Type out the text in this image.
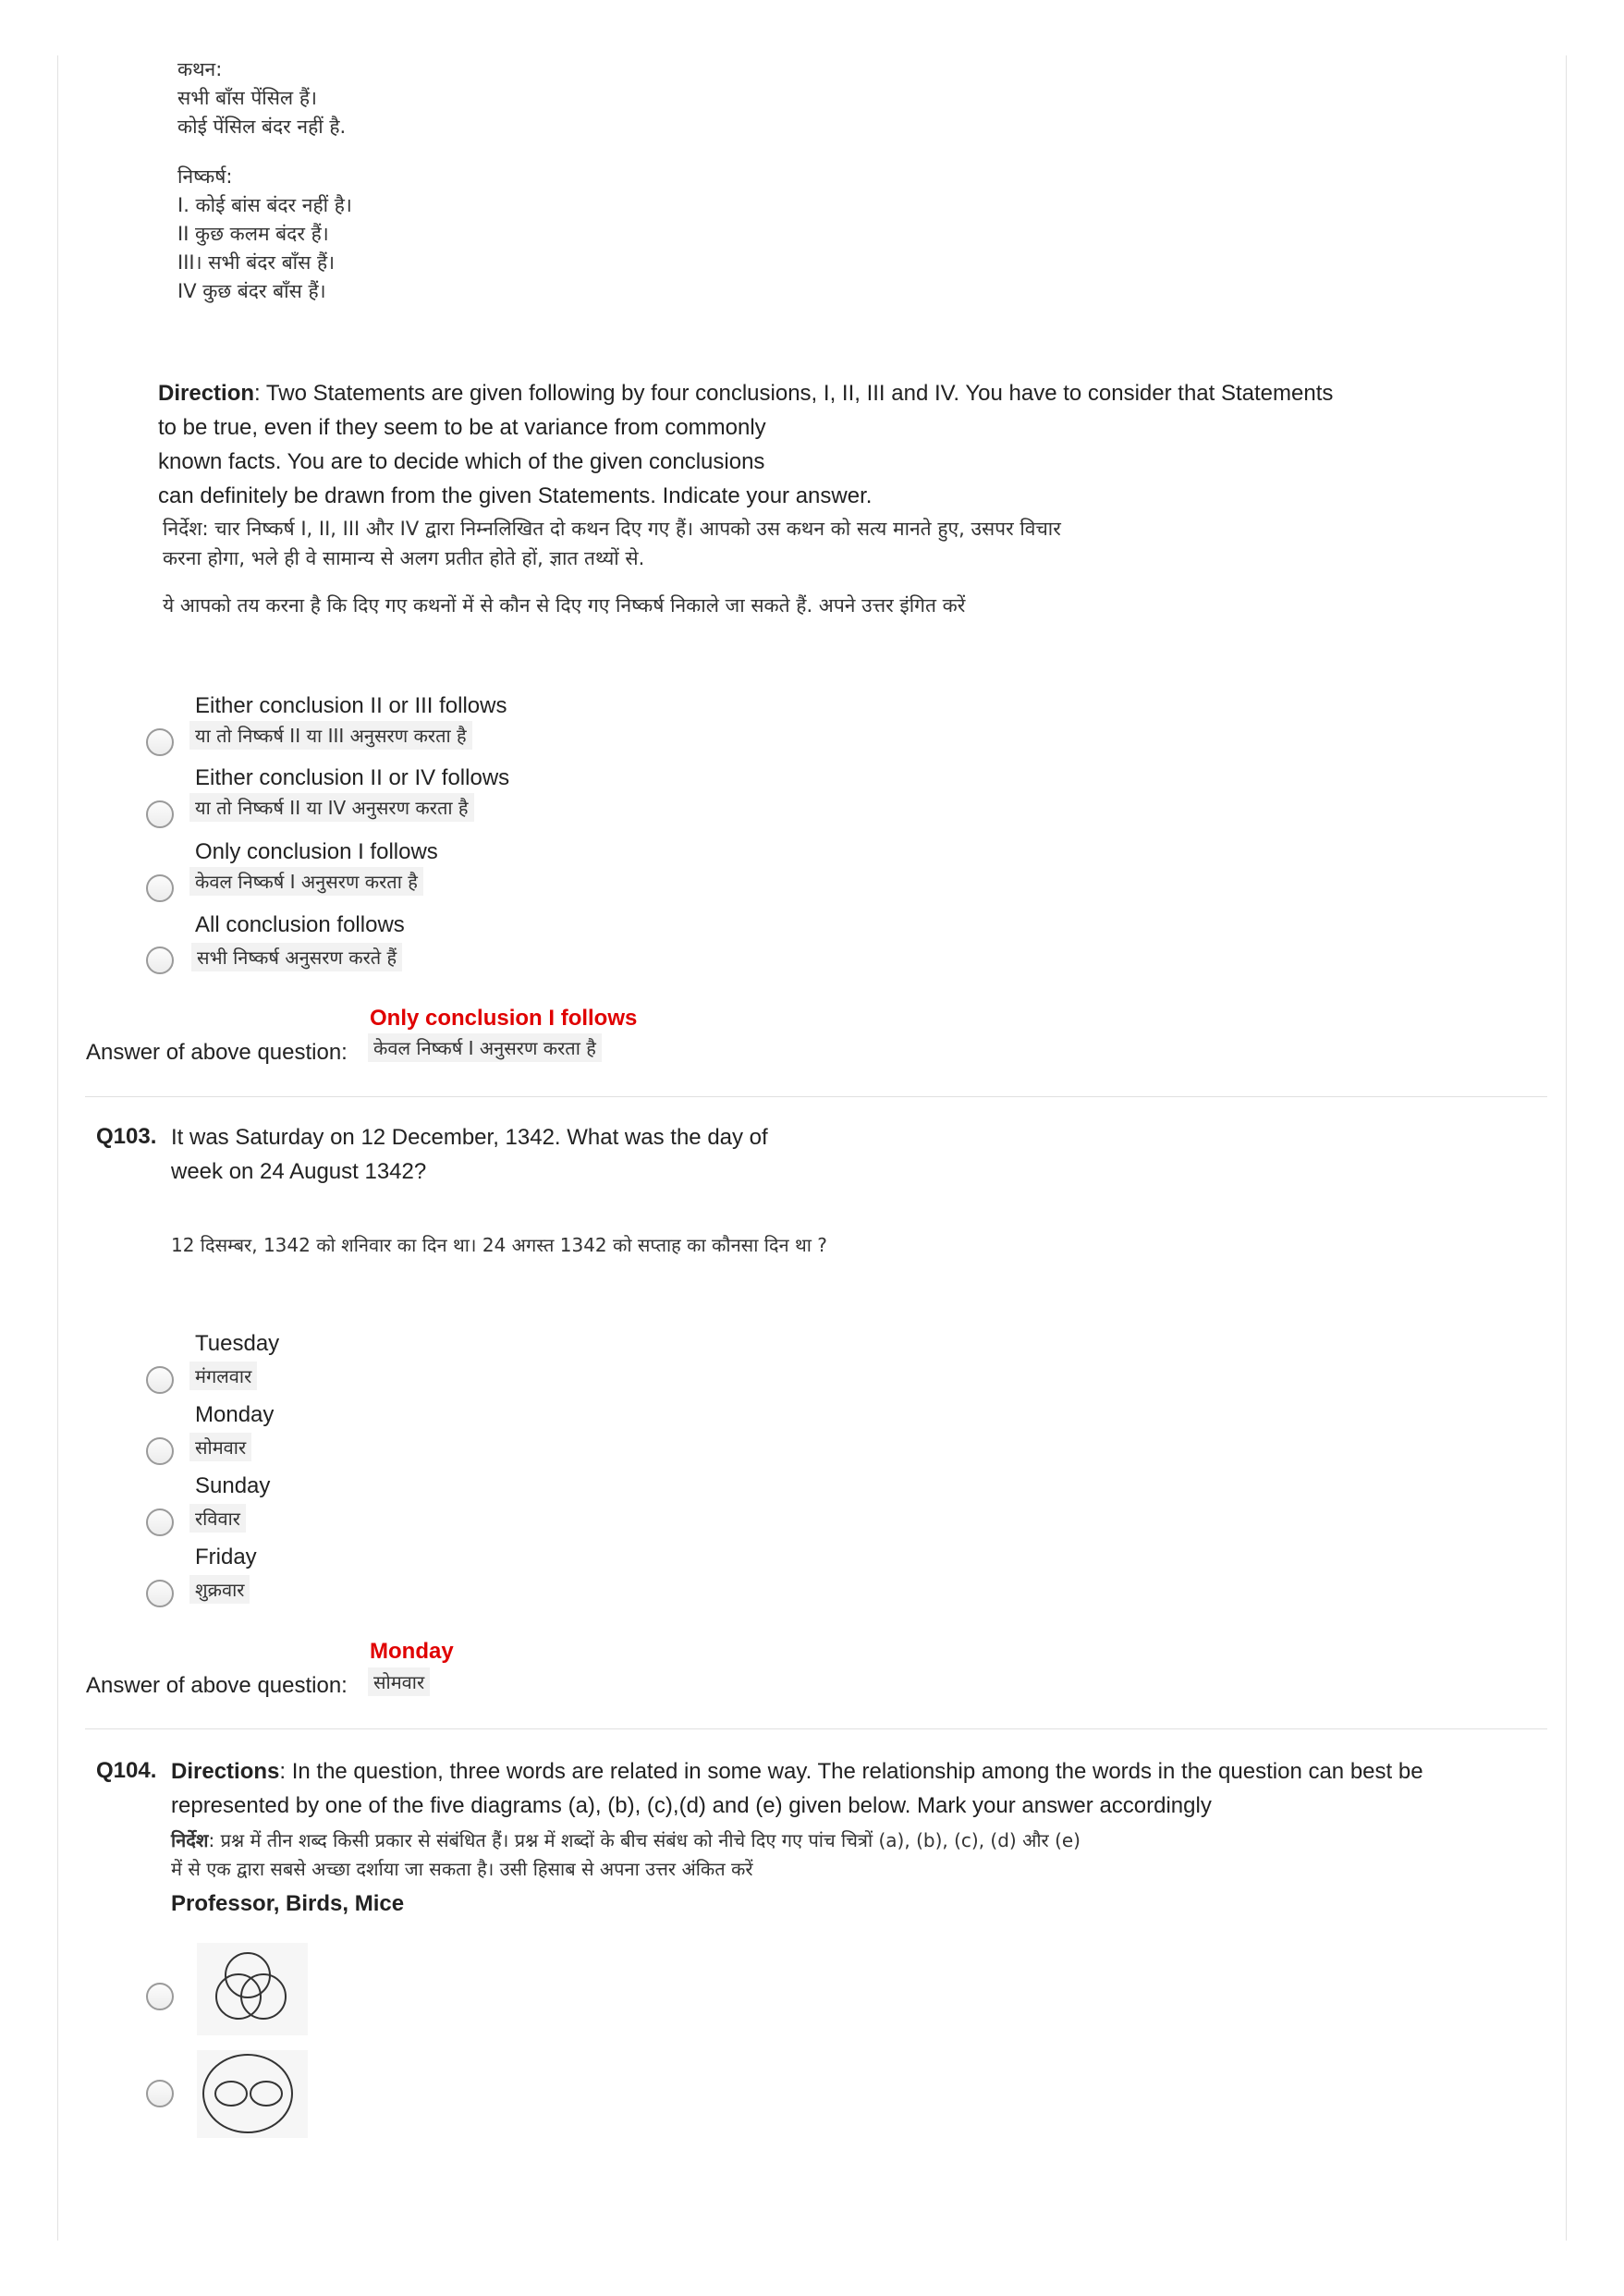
कथन:
सभी बाँस पेंसिल हैं।
कोई पेंसिल बंदर नहीं है.
निष्कर्ष:
I. कोई बांस बंदर नहीं है।
II कुछ कलम बंदर हैं।
III। सभी बंदर बाँस हैं।
IV कुछ बंदर बाँस हैं।
Direction: Two Statements are given following by four conclusions, I, II, III and IV. You have to consider that Statements
to be true, even if they seem to be at variance from commonly
known facts. You are to decide which of the given conclusions
can definitely be drawn from the given Statements. Indicate your answer.
निर्देश: चार निष्कर्ष I, II, III और IV द्वारा निम्नलिखित दो कथन दिए गए हैं। आपको उस कथन को सत्य मानते हुए, उसपर विचार
करना होगा, भले ही वे सामान्य से अलग प्रतीत होते हों, ज्ञात तथ्यों से.
ये आपको तय करना है कि दिए गए कथनों में से कौन से दिए गए निष्कर्ष निकाले जा सकते हैं. अपने उत्तर इंगित करें
Either conclusion II or III follows
या तो निष्कर्ष II या III अनुसरण करता है
Either conclusion II or IV follows
या तो निष्कर्ष II या IV अनुसरण करता है
Only conclusion I follows
केवल निष्कर्ष I अनुसरण करता है
All conclusion follows
सभी निष्कर्ष अनुसरण करते हैं
Only conclusion I follows
Answer of above question:	केवल निष्कर्ष I अनुसरण करता है
Q103. It was Saturday on 12 December, 1342. What was the day of
week on 24 August 1342?
12 दिसम्बर, 1342 को शनिवार का दिन था। 24 अगस्त 1342 को सप्ताह का कौनसा दिन था ?
Tuesday
मंगलवार
Monday
सोमवार
Sunday
रविवार
Friday
शुक्रवार
Monday
Answer of above question:	सोमवार
Q104. Directions: In the question, three words are related in some way. The relationship among the words in the question can best be
represented by one of the five diagrams (a), (b), (c),(d) and (e) given below. Mark your answer accordingly
निर्देश: प्रश्न में तीन शब्द किसी प्रकार से संबंधित हैं। प्रश्न में शब्दों के बीच संबंध को नीचे दिए गए पांच चित्रों (a), (b), (c), (d) और (e)
में से एक द्वारा सबसे अच्छा दर्शाया जा सकता है। उसी हिसाब से अपना उत्तर अंकित करें
Professor, Birds, Mice
